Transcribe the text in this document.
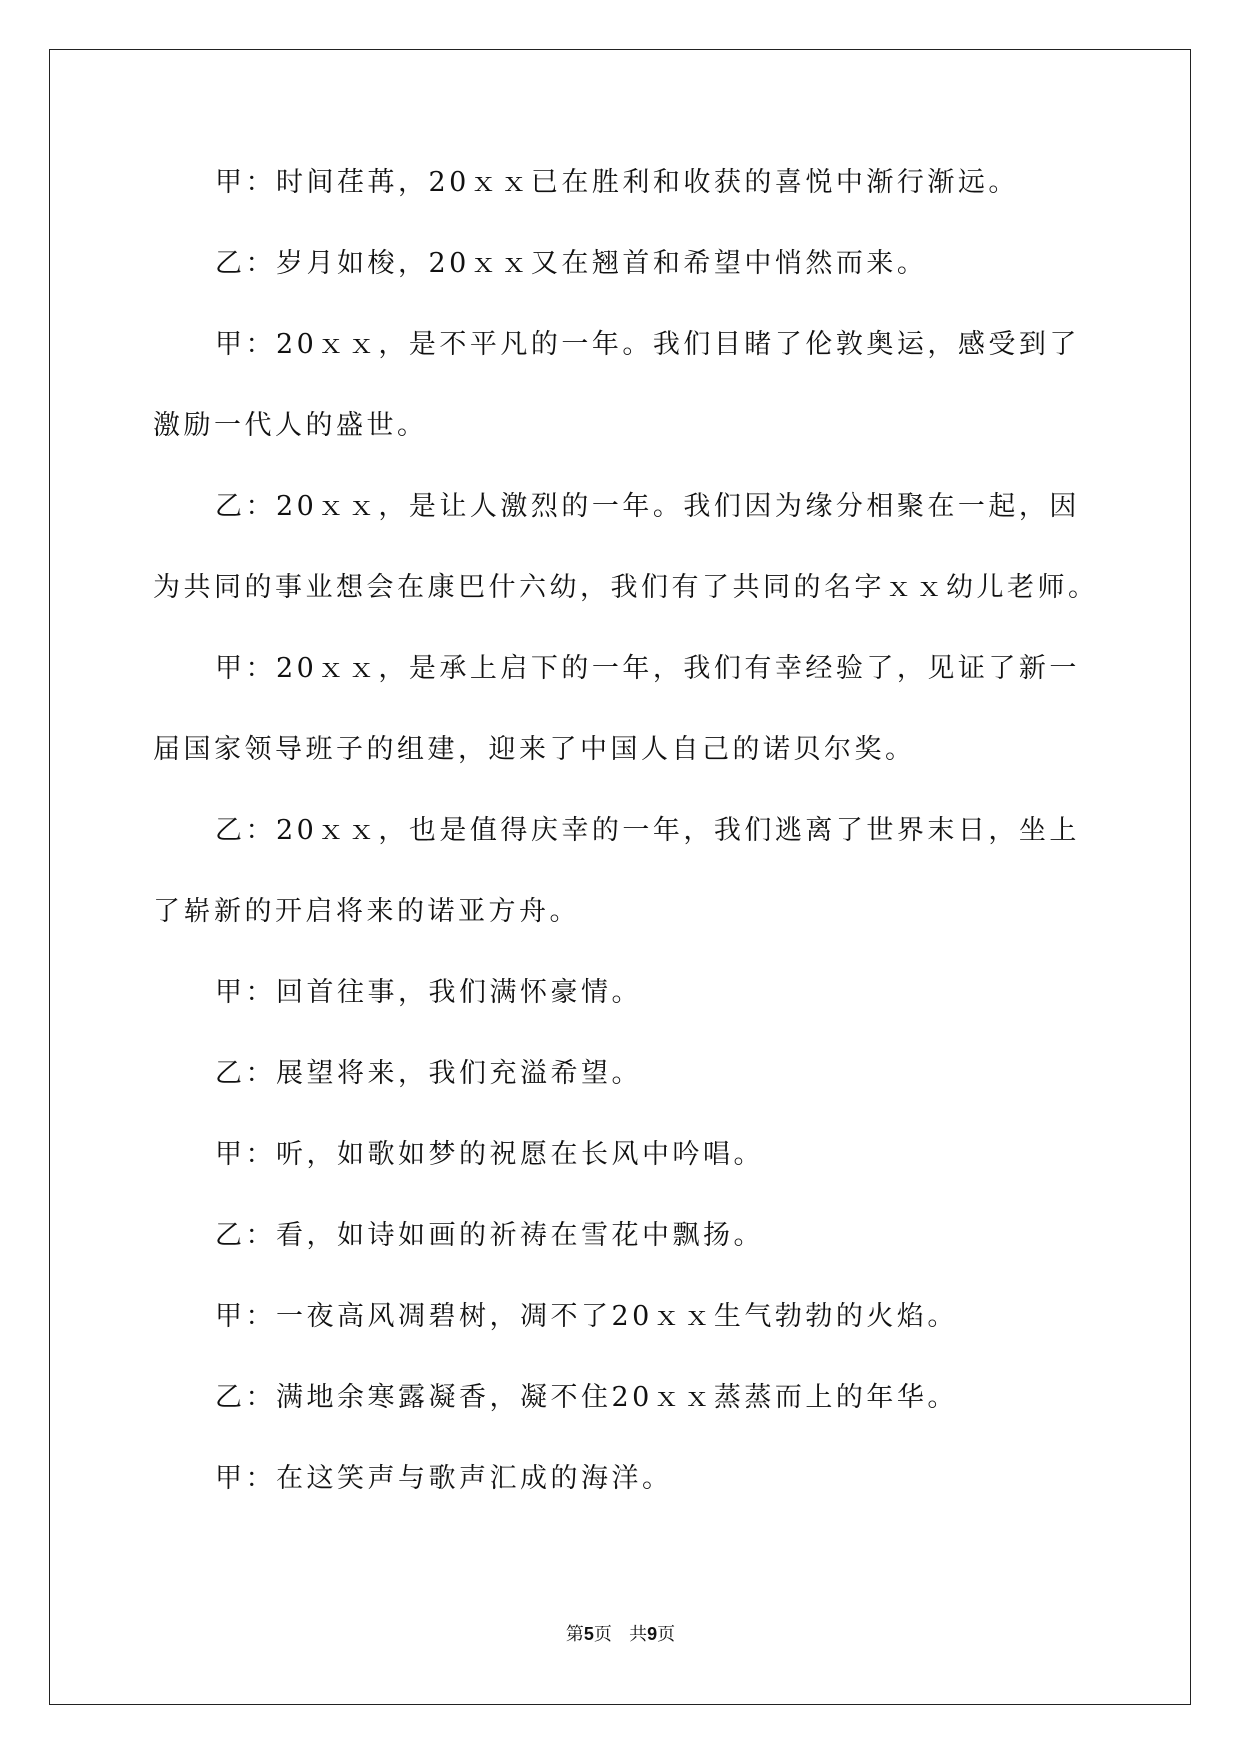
甲：时间荏苒，20ｘｘ已在胜利和收获的喜悦中渐行渐远。
乙：岁月如梭，20ｘｘ又在翘首和希望中悄然而来。
甲：20ｘｘ，是不平凡的一年。我们目睹了伦敦奥运，感受到了
激励一代人的盛世。
乙：20ｘｘ，是让人激烈的一年。我们因为缘分相聚在一起，因
为共同的事业想会在康巴什六幼，我们有了共同的名字ｘｘ幼儿老师。
甲：20ｘｘ，是承上启下的一年，我们有幸经验了，见证了新一
届国家领导班子的组建，迎来了中国人自己的诺贝尔奖。
乙：20ｘｘ，也是值得庆幸的一年，我们逃离了世界末日，坐上
了崭新的开启将来的诺亚方舟。
甲：回首往事，我们满怀豪情。
乙：展望将来，我们充溢希望。
甲：听，如歌如梦的祝愿在长风中吟唱。
乙：看，如诗如画的祈祷在雪花中飘扬。
甲：一夜高风凋碧树，凋不了20ｘｘ生气勃勃的火焰。
乙：满地余寒露凝香，凝不住20ｘｘ蒸蒸而上的年华。
甲：在这笑声与歌声汇成的海洋。
第5页 共9页
